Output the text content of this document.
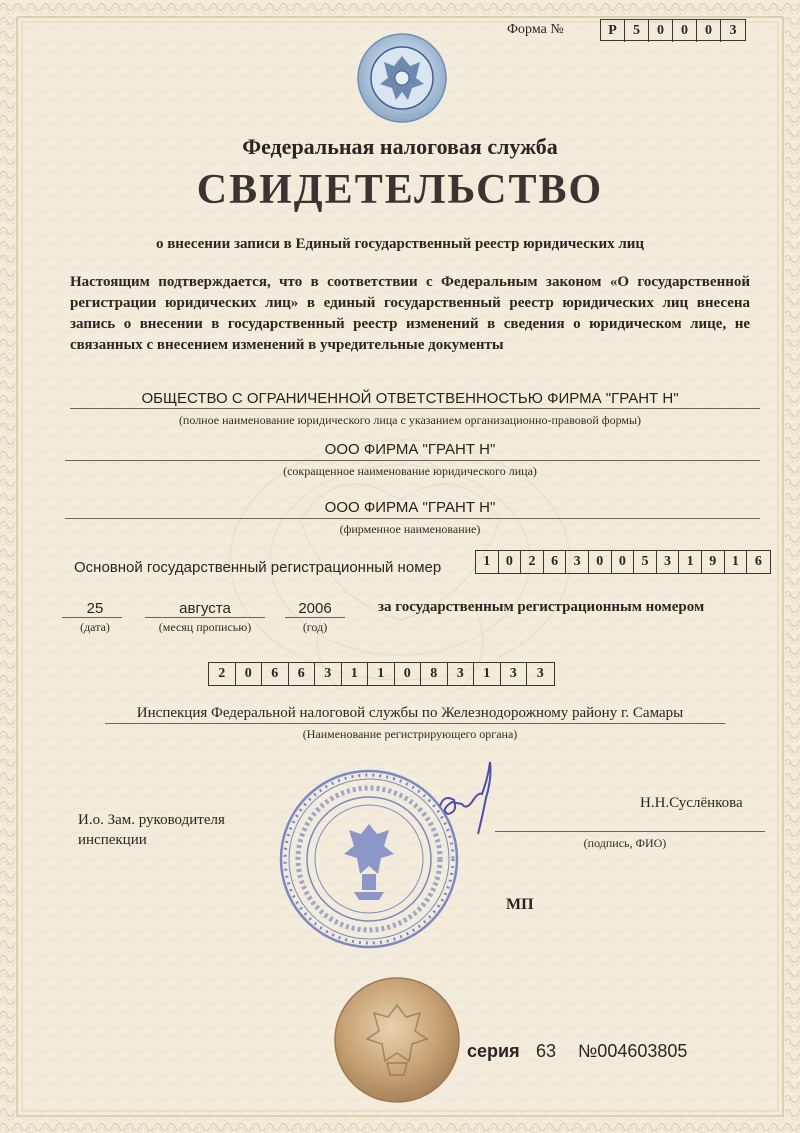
Форма №	Р	5	0	0	0	3
Федеральная налоговая служба
СВИДЕТЕЛЬСТВО
о внесении записи в Единый государственный реестр юридических лиц
Настоящим подтверждается, что в соответствии с Федеральным законом «О государственной регистрации юридических лиц» в единый государственный реестр юридических лиц внесена запись о внесении в государственный реестр изменений в сведения о юридическом лице, не связанных с внесением изменений в учредительные документы
ОБЩЕСТВО С ОГРАНИЧЕННОЙ ОТВЕТСТВЕННОСТЬЮ ФИРМА "ГРАНТ Н"
(полное наименование юридического лица с указанием организационно-правовой формы)
ООО ФИРМА "ГРАНТ Н"
(сокращенное наименование юридического лица)
ООО ФИРМА "ГРАНТ Н"
(фирменное наименование)
Основной государственный регистрационный номер	1	0	2	6	3	0	0	5	3	1	9	1	6
25
(дата)
августа
(месяц прописью)
2006
(год)
за государственным регистрационным номером
2	0	6	6	3	1	1	0	8	3	1	3	3
Инспекция Федеральной налоговой службы по Железнодорожному району г. Самары
(Наименование регистрирующего органа)
И.о. Зам. руководителя
инспекции
Н.Н.Суслёнкова
(подпись, ФИО)
МП
серия 63 №004603805
